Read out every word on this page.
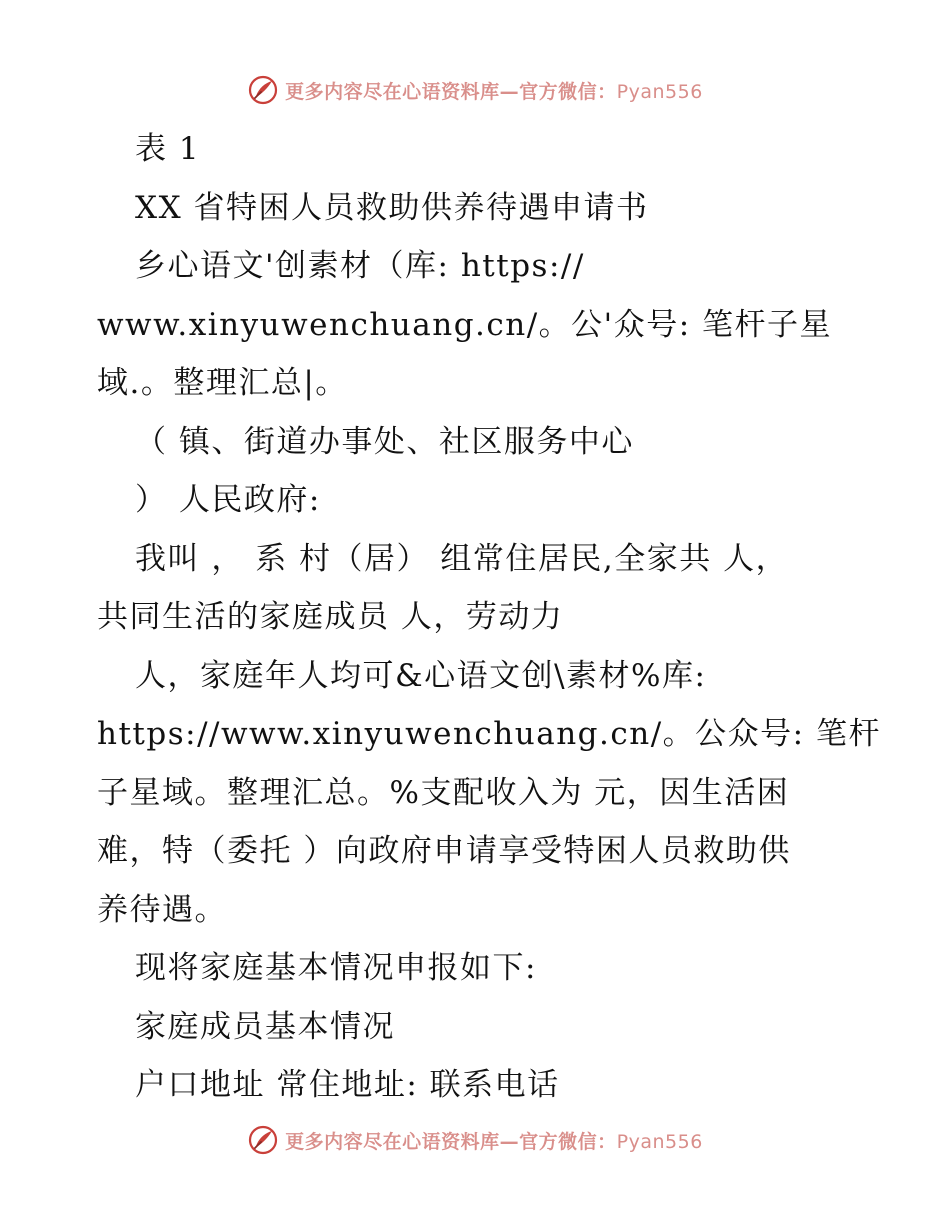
更多内容尽在心语资料库—官方微信：Pyan556
表 1
XX 省特困人员救助供养待遇申请书
乡心语文'创素材（库: https://
www.xinyuwenchuang.cn/。公'众号: 笔杆子星
域.。整理汇总|。
（ 镇、街道办事处、社区服务中心
） 人民政府:
我叫 ， 系 村（居） 组常住居民,全家共 人，
共同生活的家庭成员 人，劳动力
人，家庭年人均可&心语文创\素材%库:
https://www.xinyuwenchuang.cn/。公众号: 笔杆
子星域。整理汇总。%支配收入为 元，因生活困
难，特（委托 ）向政府申请享受特困人员救助供
养待遇。
现将家庭基本情况申报如下:
家庭成员基本情况
户口地址 常住地址: 联系电话
更多内容尽在心语资料库—官方微信：Pyan556
